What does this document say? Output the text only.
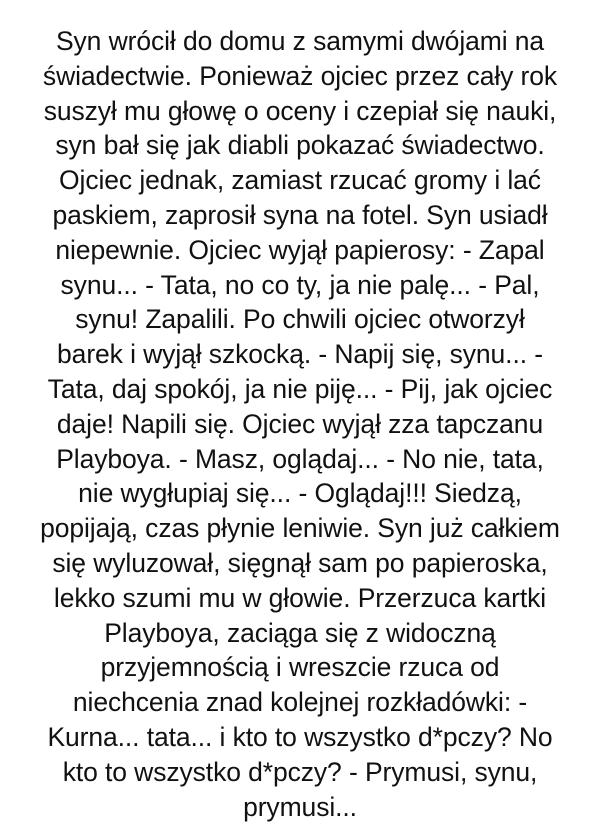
Syn wrócił do domu z samymi dwójami na
świadectwie. Ponieważ ojciec przez cały rok
suszył mu głowę o oceny i czepiał się nauki,
syn bał się jak diabli pokazać świadectwo.
Ojciec jednak, zamiast rzucać gromy i lać
paskiem, zaprosił syna na fotel. Syn usiadł
niepewnie. Ojciec wyjął papierosy: - Zapal
synu... - Tata, no co ty, ja nie palę... - Pal,
synu! Zapalili. Po chwili ojciec otworzył
barek i wyjął szkocką. - Napij się, synu... -
Tata, daj spokój, ja nie piję... - Pij, jak ojciec
daje! Napili się. Ojciec wyjął zza tapczanu
Playboya. - Masz, oglądaj... - No nie, tata,
nie wygłupiaj się... - Oglądaj!!! Siedzą,
popijają, czas płynie leniwie. Syn już całkiem
się wyluzował, sięgnął sam po papieroska,
lekko szumi mu w głowie. Przerzuca kartki
Playboya, zaciąga się z widoczną
przyjemnością i wreszcie rzuca od
niechcenia znad kolejnej rozkładówki: -
Kurna... tata... i kto to wszystko d*pczy? No
kto to wszystko d*pczy? - Prymusi, synu,
prymusi...
